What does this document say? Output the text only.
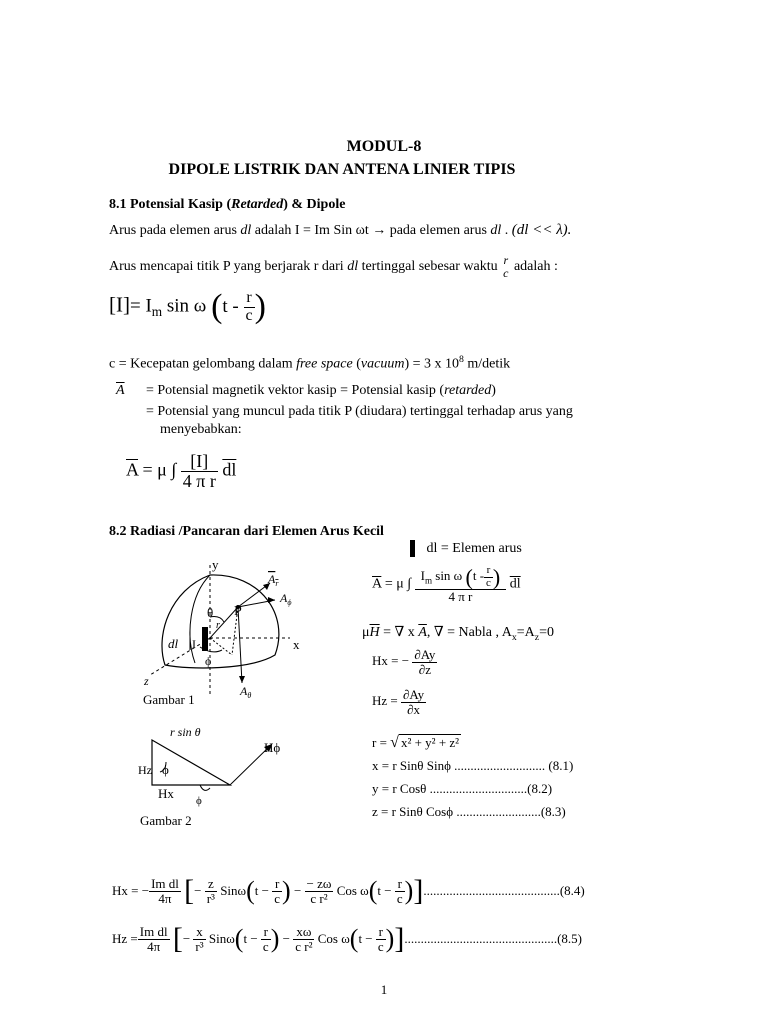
MODUL-8
DIPOLE LISTRIK DAN ANTENA LINIER TIPIS
8.1 Potensial Kasip (Retarded) & Dipole
Arus pada elemen arus dl adalah I = Im Sin ωt → pada elemen arus dl . (dl << λ).
Arus mencapai titik P yang berjarak r dari dl tertinggal sebesar waktu r
c adalah :
$[I]= I_m$ sin ω ($t - \frac{r}{c}$ )
c = Kecepatan gelombang dalam free space (vacuum) = 3 x $10^8$ m/detik
$\overline{A}$ = Potensial magnetik vektor kasip = Potensial kasip (retarded)
= Potensial yang muncul pada titik P (diudara) tertinggal terhadap arus yang
menyebabkan:
$\overline{A} = \mu$ ∫ $\frac{[I]}{\text{4 π r}} \overline{dl}$
8.2 Radiasi /Pancaran dari Elemen Arus Kecil
dl = Elemen arus
y
x
z
θ
ϕ
P
r
dl I
$A_r$
$A_\phi$
$A_\theta$
Gambar 1
r sin θ
Hϕ
Hz ϕ
Hx ϕ
Gambar 2
$\overline{A} = \mu$ ∫ $\frac{I_m \sin \omega (t - \frac{r}{c} )}{\text{4 π r}} \overline{dl}$
$\mu\overline{H}$ = ∇ x $\overline{A}$, ∇ = Nabla , $A_x=A_z=0$
Hx = − $\frac{\partial Ay}{\partial z}$
$Hz = \frac{\partial Ay}{\partial x}$
r = √ x² + y² + z²
x = r Sinθ Sinϕ ............................ (8.1)
y = r Cosθ ..............................(8.2)
z = r Sinθ Cosϕ ..........................(8.3)
Hx = − $\frac{\text{Im dl}}{4\pi}$ [− $\frac{z}{\text{r³}} Sin\omega(t - \frac{r}{c}$ ) − $\frac{- z\omega}{\text{c r²}}$ Cos $\omega(t - \frac{r}{c} )]..........................................(8.4)$
$Hz = \frac{\text{Im dl}}{4\pi}$ [− $\frac{x}{\text{r³}} Sin\omega(t - \frac{r}{c}$ ) − $\frac{x\omega}{\text{c r²}}$ Cos $\omega(t - \frac{r}{c} )]...............................................(8.5)$
1
